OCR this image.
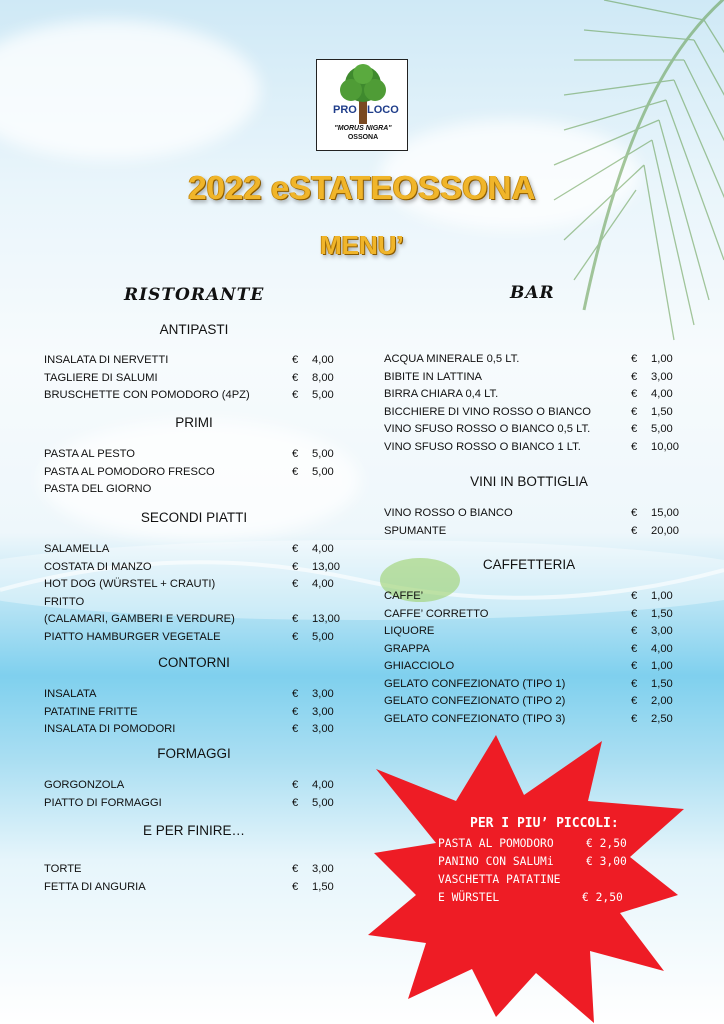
PRO LOCO
"MORUS NIGRA"
OSSONA
2022 eSTATEOSSONA
MENU’
RISTORANTE	BAR
ANTIPASTI
INSALATA DI NERVETTI	€ 4,00
TAGLIERE DI SALUMI	€ 8,00
BRUSCHETTE CON POMODORO (4PZ)	€ 5,00
PRIMI
PASTA AL PESTO	€ 5,00
PASTA AL POMODORO FRESCO	€ 5,00
PASTA DEL GIORNO
SECONDI PIATTI
SALAMELLA	€ 4,00
COSTATA DI MANZO	€ 13,00
HOT DOG (WÜRSTEL + CRAUTI)	€ 4,00
FRITTO
(CALAMARI, GAMBERI E VERDURE)	€ 13,00
PIATTO HAMBURGER VEGETALE	€ 5,00
CONTORNI
INSALATA	€ 3,00
PATATINE FRITTE	€ 3,00
INSALATA DI POMODORI	€ 3,00
FORMAGGI
GORGONZOLA	€ 4,00
PIATTO DI FORMAGGI	€ 5,00
E PER FINIRE…
TORTE	€ 3,00
FETTA DI ANGURIA	€ 1,50
ACQUA MINERALE 0,5 LT.	€ 1,00
BIBITE IN LATTINA	€ 3,00
BIRRA CHIARA 0,4 LT.	€ 4,00
BICCHIERE DI VINO ROSSO O BIANCO	€ 1,50
VINO SFUSO ROSSO O BIANCO 0,5 LT.	€ 5,00
VINO SFUSO ROSSO O BIANCO 1 LT.	€ 10,00
VINI IN BOTTIGLIA
VINO ROSSO O BIANCO	€ 15,00
SPUMANTE	€ 20,00
CAFFETTERIA
CAFFE’	€ 1,00
CAFFE’ CORRETTO	€ 1,50
LIQUORE	€ 3,00
GRAPPA	€ 4,00
GHIACCIOLO	€ 1,00
GELATO CONFEZIONATO (TIPO 1)	€ 1,50
GELATO CONFEZIONATO (TIPO 2)	€ 2,00
GELATO CONFEZIONATO (TIPO 3)	€ 2,50
PER I PIU’ PICCOLI:
PASTA AL POMODORO	€ 2,50
PANINO CON SALUMi	€ 3,00
VASCHETTA PATATINE
E WÜRSTEL	€ 2,50
